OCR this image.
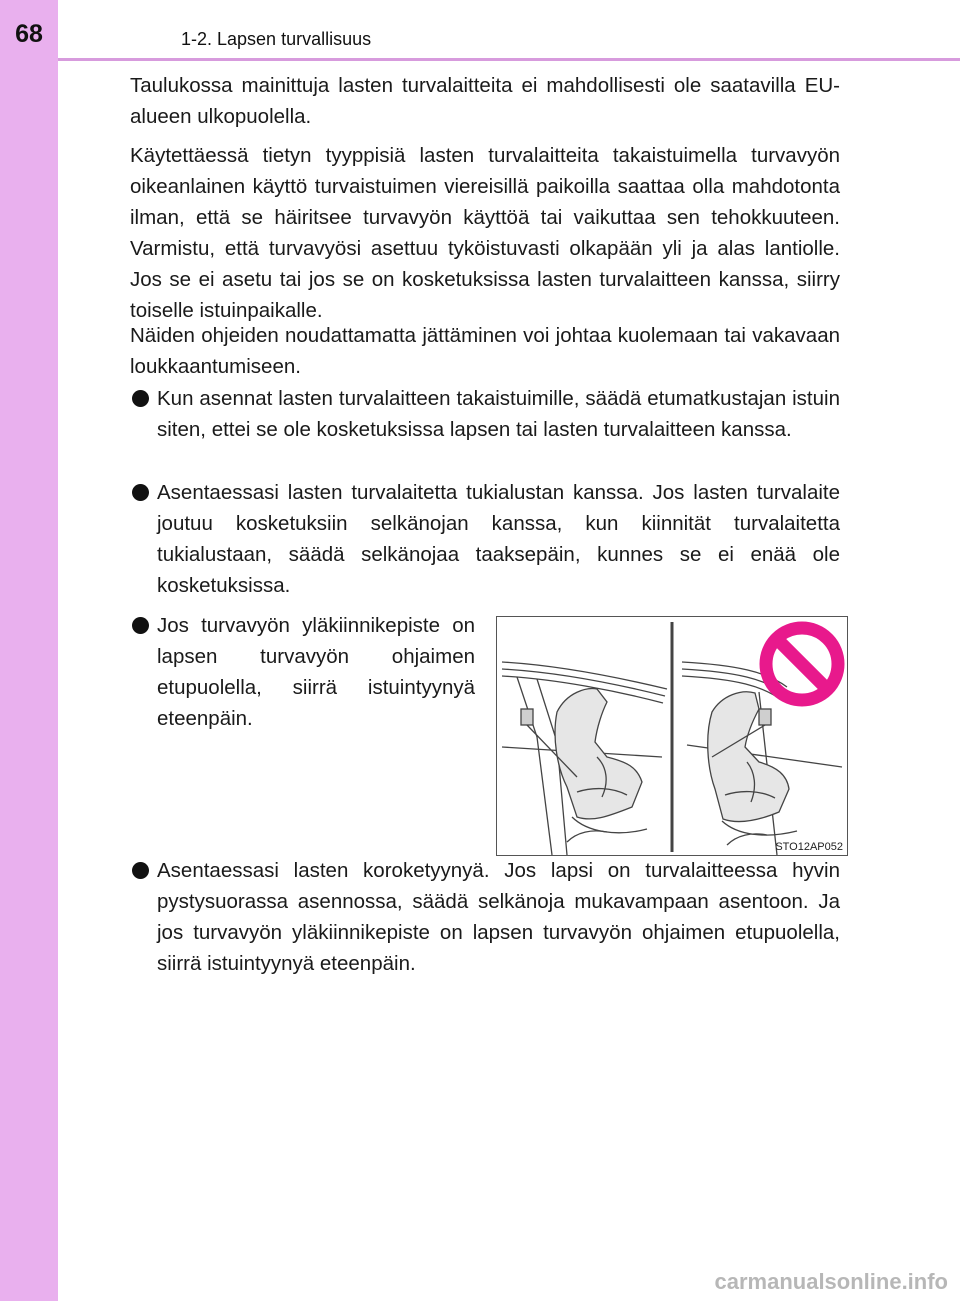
68	1-2. Lapsen turvallisuus

Taulukossa mainittuja lasten turvalaitteita ei mahdollisesti ole saatavilla EU-alueen ulkopuolella.

Käytettäessä tietyn tyyppisiä lasten turvalaitteita takaistuimella turvavyön oikeanlainen käyttö turvaistuimen viereisillä paikoilla saattaa olla mahdotonta ilman, että se häiritsee turvavyön käyttöä tai vaikuttaa sen tehokkuuteen. Varmistu, että turvavyösi asettuu tyköistuvasti olkapään yli ja alas lantiolle. Jos se ei asetu tai jos se on kosketuksissa lasten turvalaitteen kanssa, siirry toiselle istuinpaikalle.

Näiden ohjeiden noudattamatta jättäminen voi johtaa kuolemaan tai vakavaan loukkaantumiseen.

Kun asennat lasten turvalaitteen takaistuimille, säädä etumatkustajan istuin siten, ettei se ole kosketuksissa lapsen tai lasten turvalaitteen kanssa.

Asentaessasi lasten turvalaitetta tukialustan kanssa. Jos lasten turvalaite joutuu kosketuksiin selkänojan kanssa, kun kiinnität turvalaitetta tukialustaan, säädä selkänojaa taaksepäin, kunnes se ei enää ole kosketuksissa.

Jos turvavyön yläkiinnikepiste on lapsen turvavyön ohjaimen etupuolella, siirrä istuintyynyä eteenpäin.

STO12AP052

Asentaessasi lasten koroketyynyä. Jos lapsi on turvalaitteessa hyvin pystysuorassa asennossa, säädä selkänoja mukavampaan asentoon. Ja jos turvavyön yläkiinnikepiste on lapsen turvavyön ohjaimen etupuolella, siirrä istuintyynyä eteenpäin.

carmanualsonline.info
